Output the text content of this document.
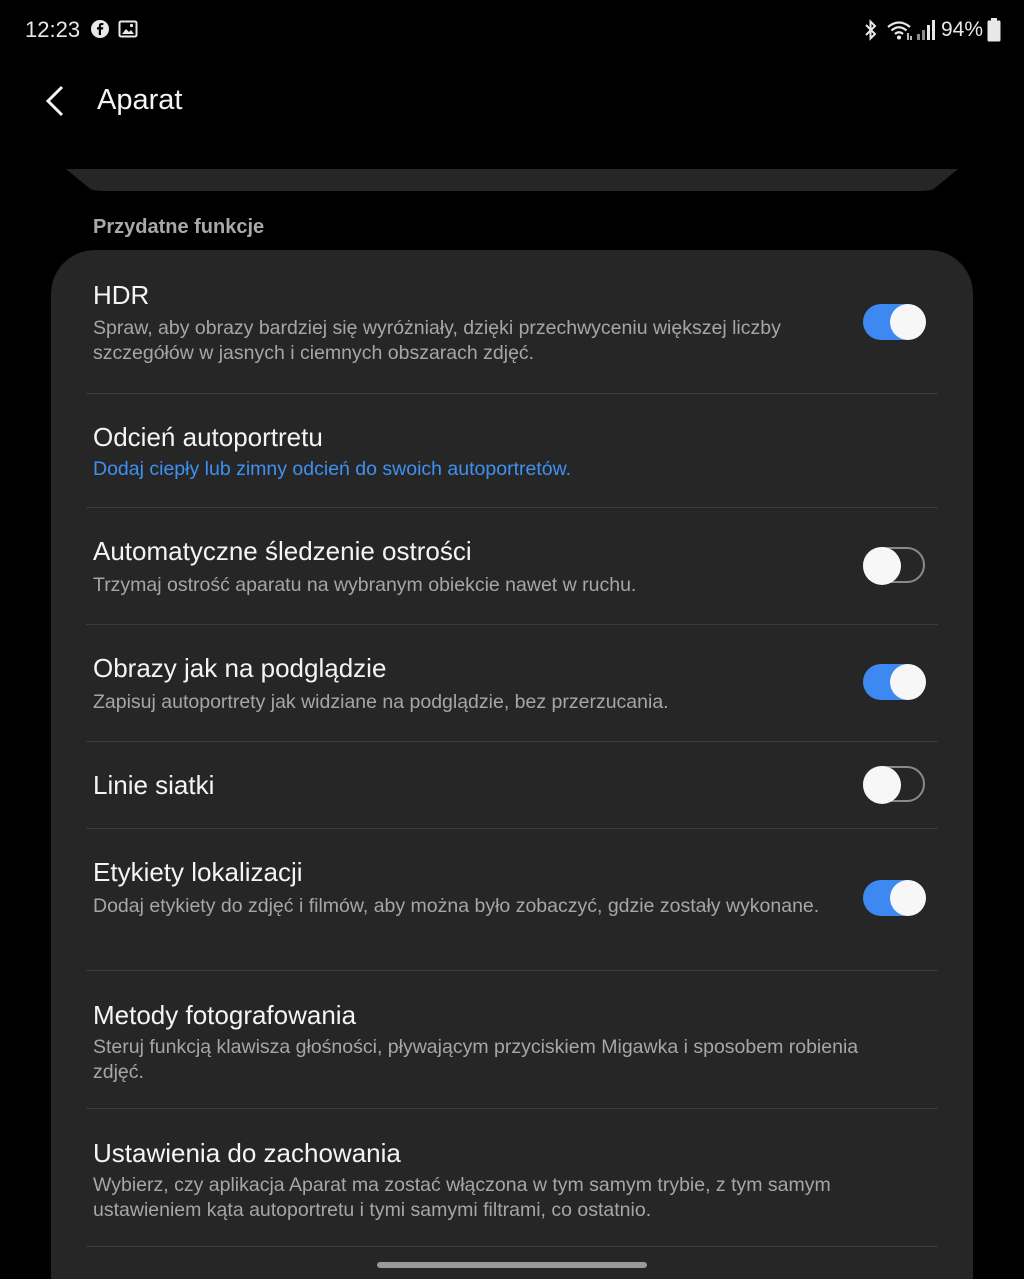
12:23	94%
Aparat
Przydatne funkcje
HDR
Spraw, aby obrazy bardziej się wyróżniały, dzięki przechwyceniu większej liczby szczegółów w jasnych i ciemnych obszarach zdjęć.
Odcień autoportretu
Dodaj ciepły lub zimny odcień do swoich autoportretów.
Automatyczne śledzenie ostrości
Trzymaj ostrość aparatu na wybranym obiekcie nawet w ruchu.
Obrazy jak na podglądzie
Zapisuj autoportrety jak widziane na podglądzie, bez przerzucania.
Linie siatki
Etykiety lokalizacji
Dodaj etykiety do zdjęć i filmów, aby można było zobaczyć, gdzie zostały wykonane.
Metody fotografowania
Steruj funkcją klawisza głośności, pływającym przyciskiem Migawka i sposobem robienia zdjęć.
Ustawienia do zachowania
Wybierz, czy aplikacja Aparat ma zostać włączona w tym samym trybie, z tym samym ustawieniem kąta autoportretu i tymi samymi filtrami, co ostatnio.
